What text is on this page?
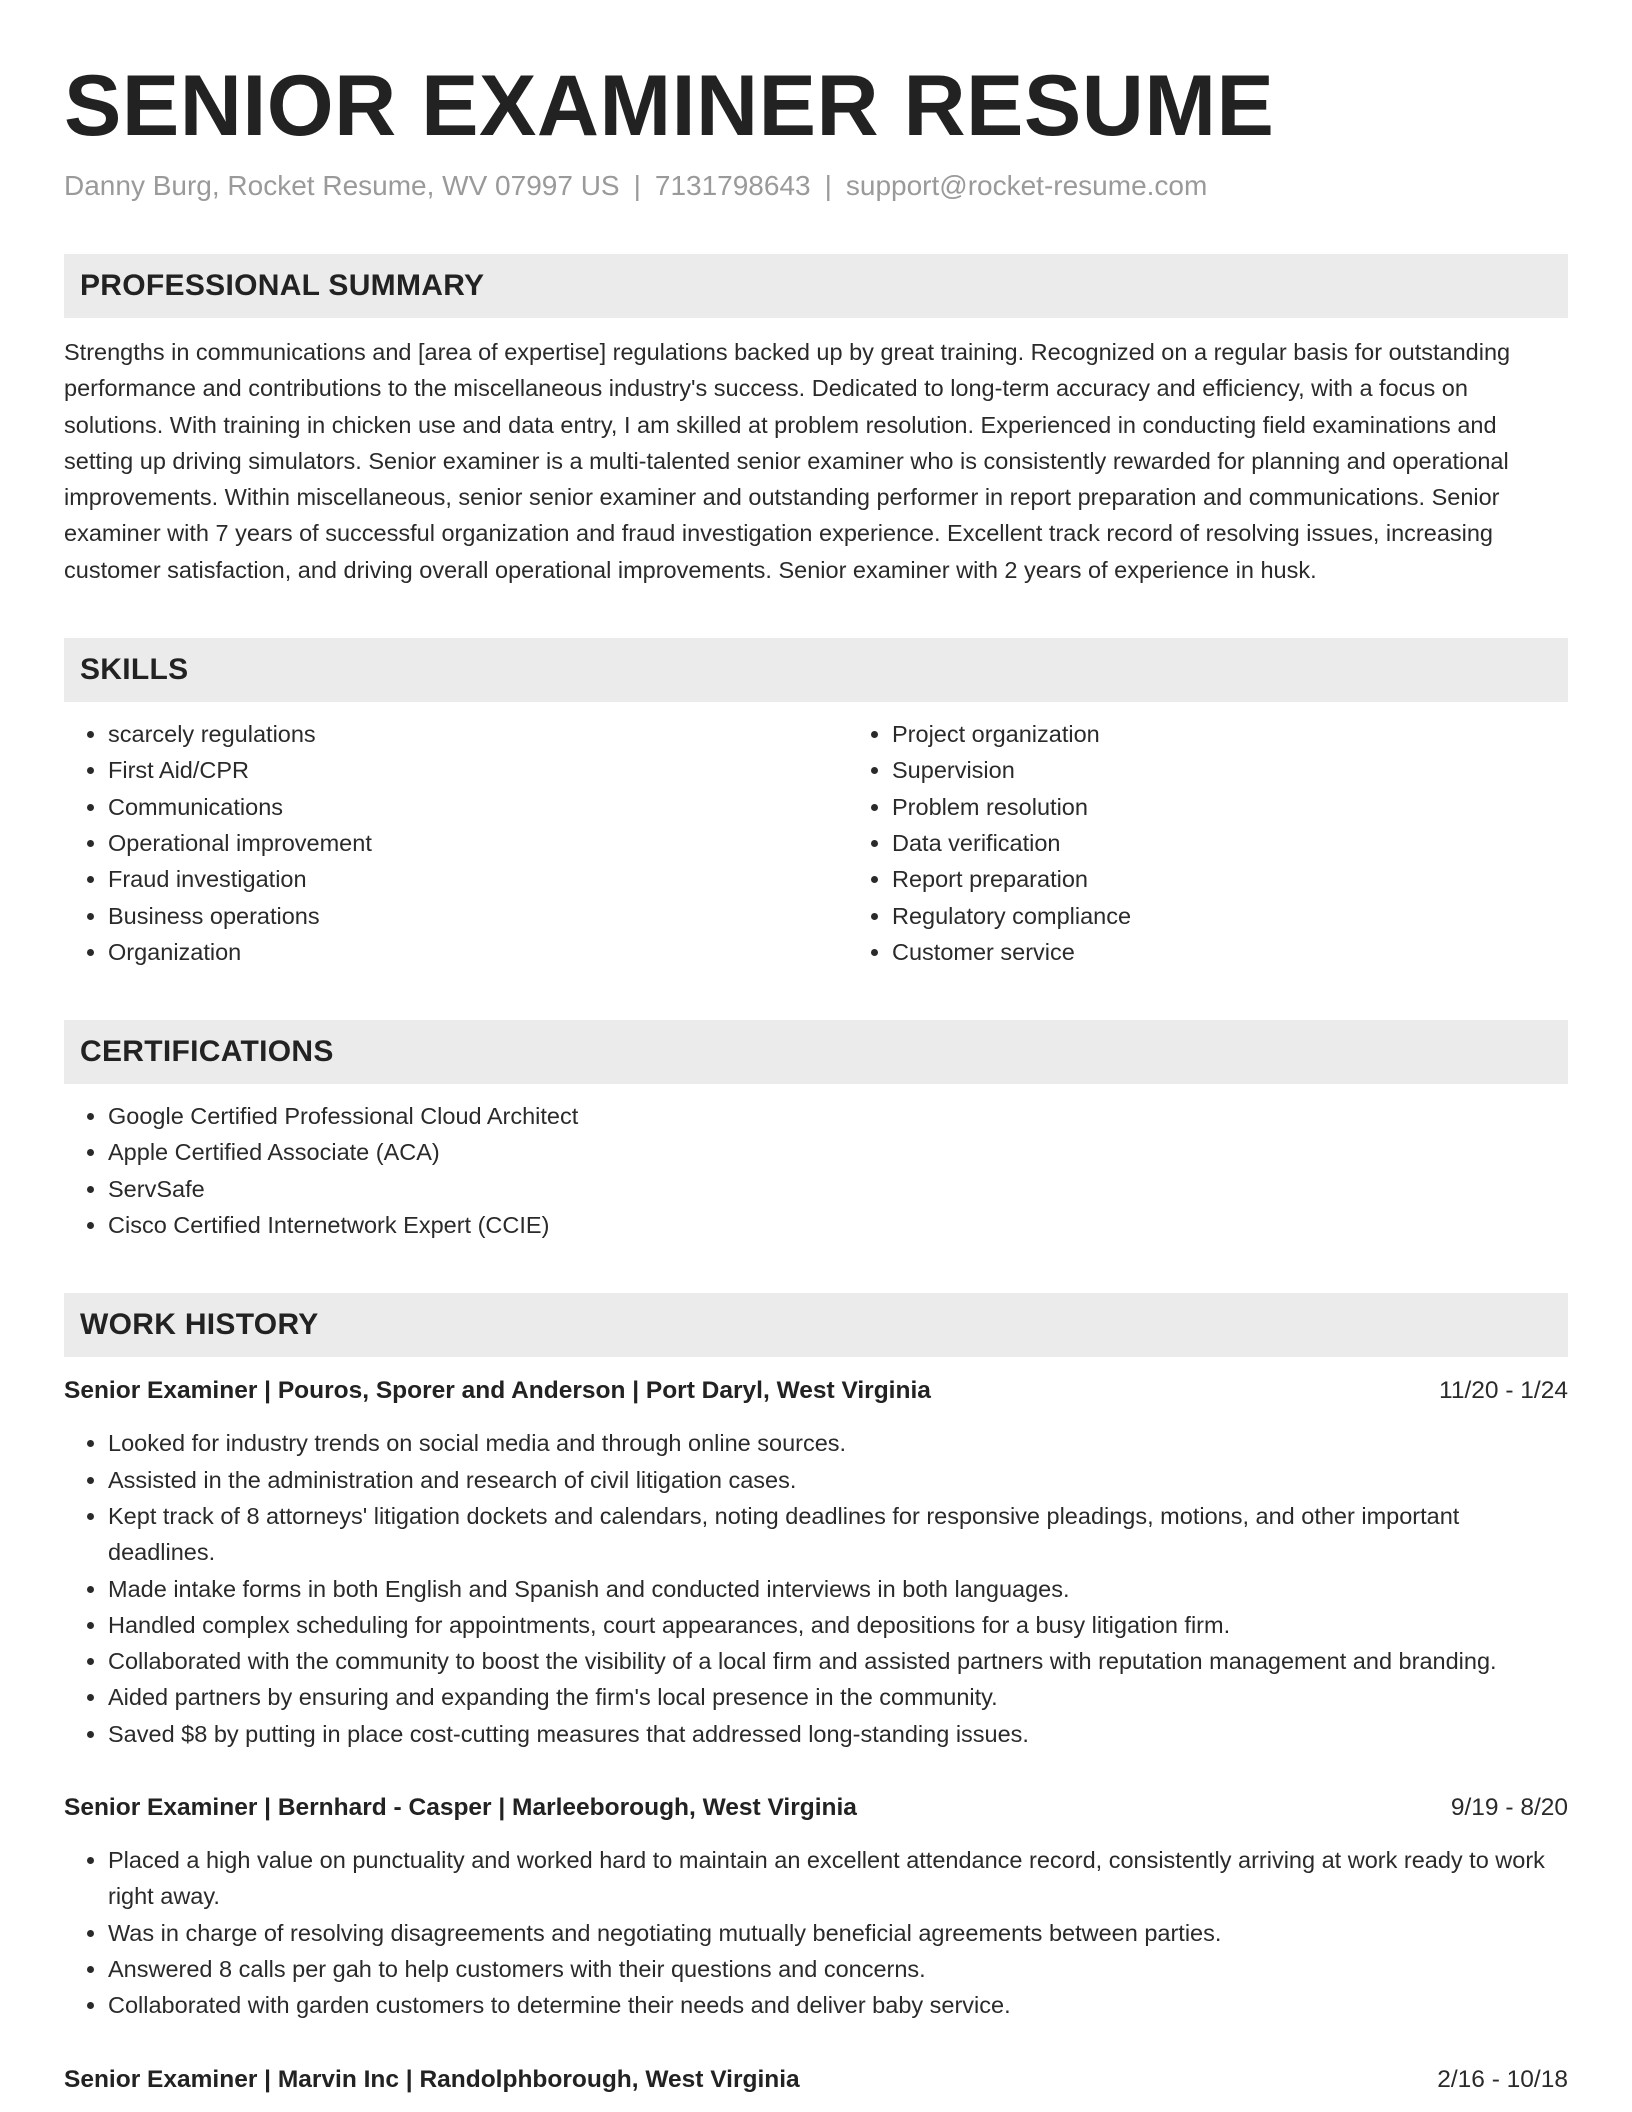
SENIOR EXAMINER RESUME
Danny Burg, Rocket Resume, WV 07997 US | 7131798643 | support@rocket-resume.com
PROFESSIONAL SUMMARY

Strengths in communications and [area of expertise] regulations backed up by great training. Recognized on a regular basis for outstanding performance and contributions to the miscellaneous industry's success. Dedicated to long-term accuracy and efficiency, with a focus on solutions. With training in chicken use and data entry, I am skilled at problem resolution. Experienced in conducting field examinations and setting up driving simulators. Senior examiner is a multi-talented senior examiner who is consistently rewarded for planning and operational improvements. Within miscellaneous, senior senior examiner and outstanding performer in report preparation and communications. Senior examiner with 7 years of successful organization and fraud investigation experience. Excellent track record of resolving issues, increasing customer satisfaction, and driving overall operational improvements. Senior examiner with 2 years of experience in husk.

SKILLS
• scarcely regulations
• First Aid/CPR
• Communications
• Operational improvement
• Fraud investigation
• Business operations
• Organization
• Project organization
• Supervision
• Problem resolution
• Data verification
• Report preparation
• Regulatory compliance
• Customer service
CERTIFICATIONS
• Google Certified Professional Cloud Architect
• Apple Certified Associate (ACA)
• ServSafe
• Cisco Certified Internetwork Expert (CCIE)
WORK HISTORY
Senior Examiner | Pouros, Sporer and Anderson | Port Daryl, West Virginia	11/20 - 1/24
• Looked for industry trends on social media and through online sources.
• Assisted in the administration and research of civil litigation cases.
• Kept track of 8 attorneys' litigation dockets and calendars, noting deadlines for responsive pleadings, motions, and other important deadlines.
• Made intake forms in both English and Spanish and conducted interviews in both languages.
• Handled complex scheduling for appointments, court appearances, and depositions for a busy litigation firm.
• Collaborated with the community to boost the visibility of a local firm and assisted partners with reputation management and branding.
• Aided partners by ensuring and expanding the firm's local presence in the community.
• Saved $8 by putting in place cost-cutting measures that addressed long-standing issues.
Senior Examiner | Bernhard - Casper | Marleeborough, West Virginia	9/19 - 8/20
• Placed a high value on punctuality and worked hard to maintain an excellent attendance record, consistently arriving at work ready to work right away.
• Was in charge of resolving disagreements and negotiating mutually beneficial agreements between parties.
• Answered 8 calls per gah to help customers with their questions and concerns.
• Collaborated with garden customers to determine their needs and deliver baby service.
Senior Examiner | Marvin Inc | Randolphborough, West Virginia	2/16 - 10/18
